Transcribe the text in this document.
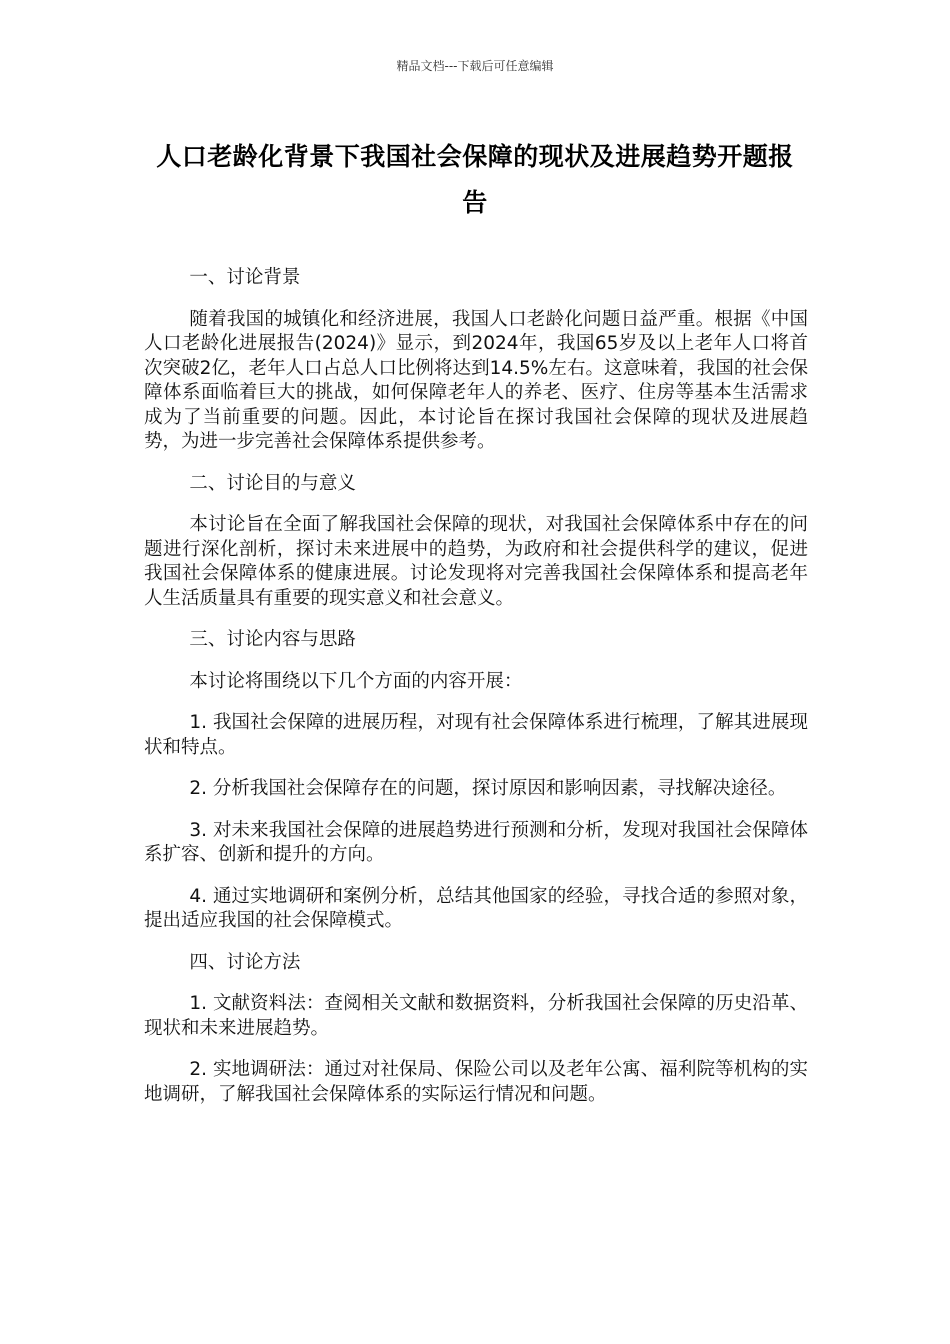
精品文档---下载后可任意编辑
人口老龄化背景下我国社会保障的现状及进展趋势开题报告

一、讨论背景

随着我国的城镇化和经济进展，我国人口老龄化问题日益严重。根据《中国人口老龄化进展报告(2024)》显示，到2024年，我国65岁及以上老年人口将首次突破2亿，老年人口占总人口比例将达到14.5%左右。这意味着，我国的社会保障体系面临着巨大的挑战，如何保障老年人的养老、医疗、住房等基本生活需求成为了当前重要的问题。因此，本讨论旨在探讨我国社会保障的现状及进展趋势，为进一步完善社会保障体系提供参考。

二、讨论目的与意义

本讨论旨在全面了解我国社会保障的现状，对我国社会保障体系中存在的问题进行深化剖析，探讨未来进展中的趋势，为政府和社会提供科学的建议，促进我国社会保障体系的健康进展。讨论发现将对完善我国社会保障体系和提高老年人生活质量具有重要的现实意义和社会意义。

三、讨论内容与思路

本讨论将围绕以下几个方面的内容开展：

1. 我国社会保障的进展历程，对现有社会保障体系进行梳理，了解其进展现状和特点。

2. 分析我国社会保障存在的问题，探讨原因和影响因素，寻找解决途径。

3. 对未来我国社会保障的进展趋势进行预测和分析，发现对我国社会保障体系扩容、创新和提升的方向。

4. 通过实地调研和案例分析，总结其他国家的经验，寻找合适的参照对象，提出适应我国的社会保障模式。

四、讨论方法

1. 文献资料法：查阅相关文献和数据资料，分析我国社会保障的历史沿革、现状和未来进展趋势。

2. 实地调研法：通过对社保局、保险公司以及老年公寓、福利院等机构的实地调研，了解我国社会保障体系的实际运行情况和问题。
